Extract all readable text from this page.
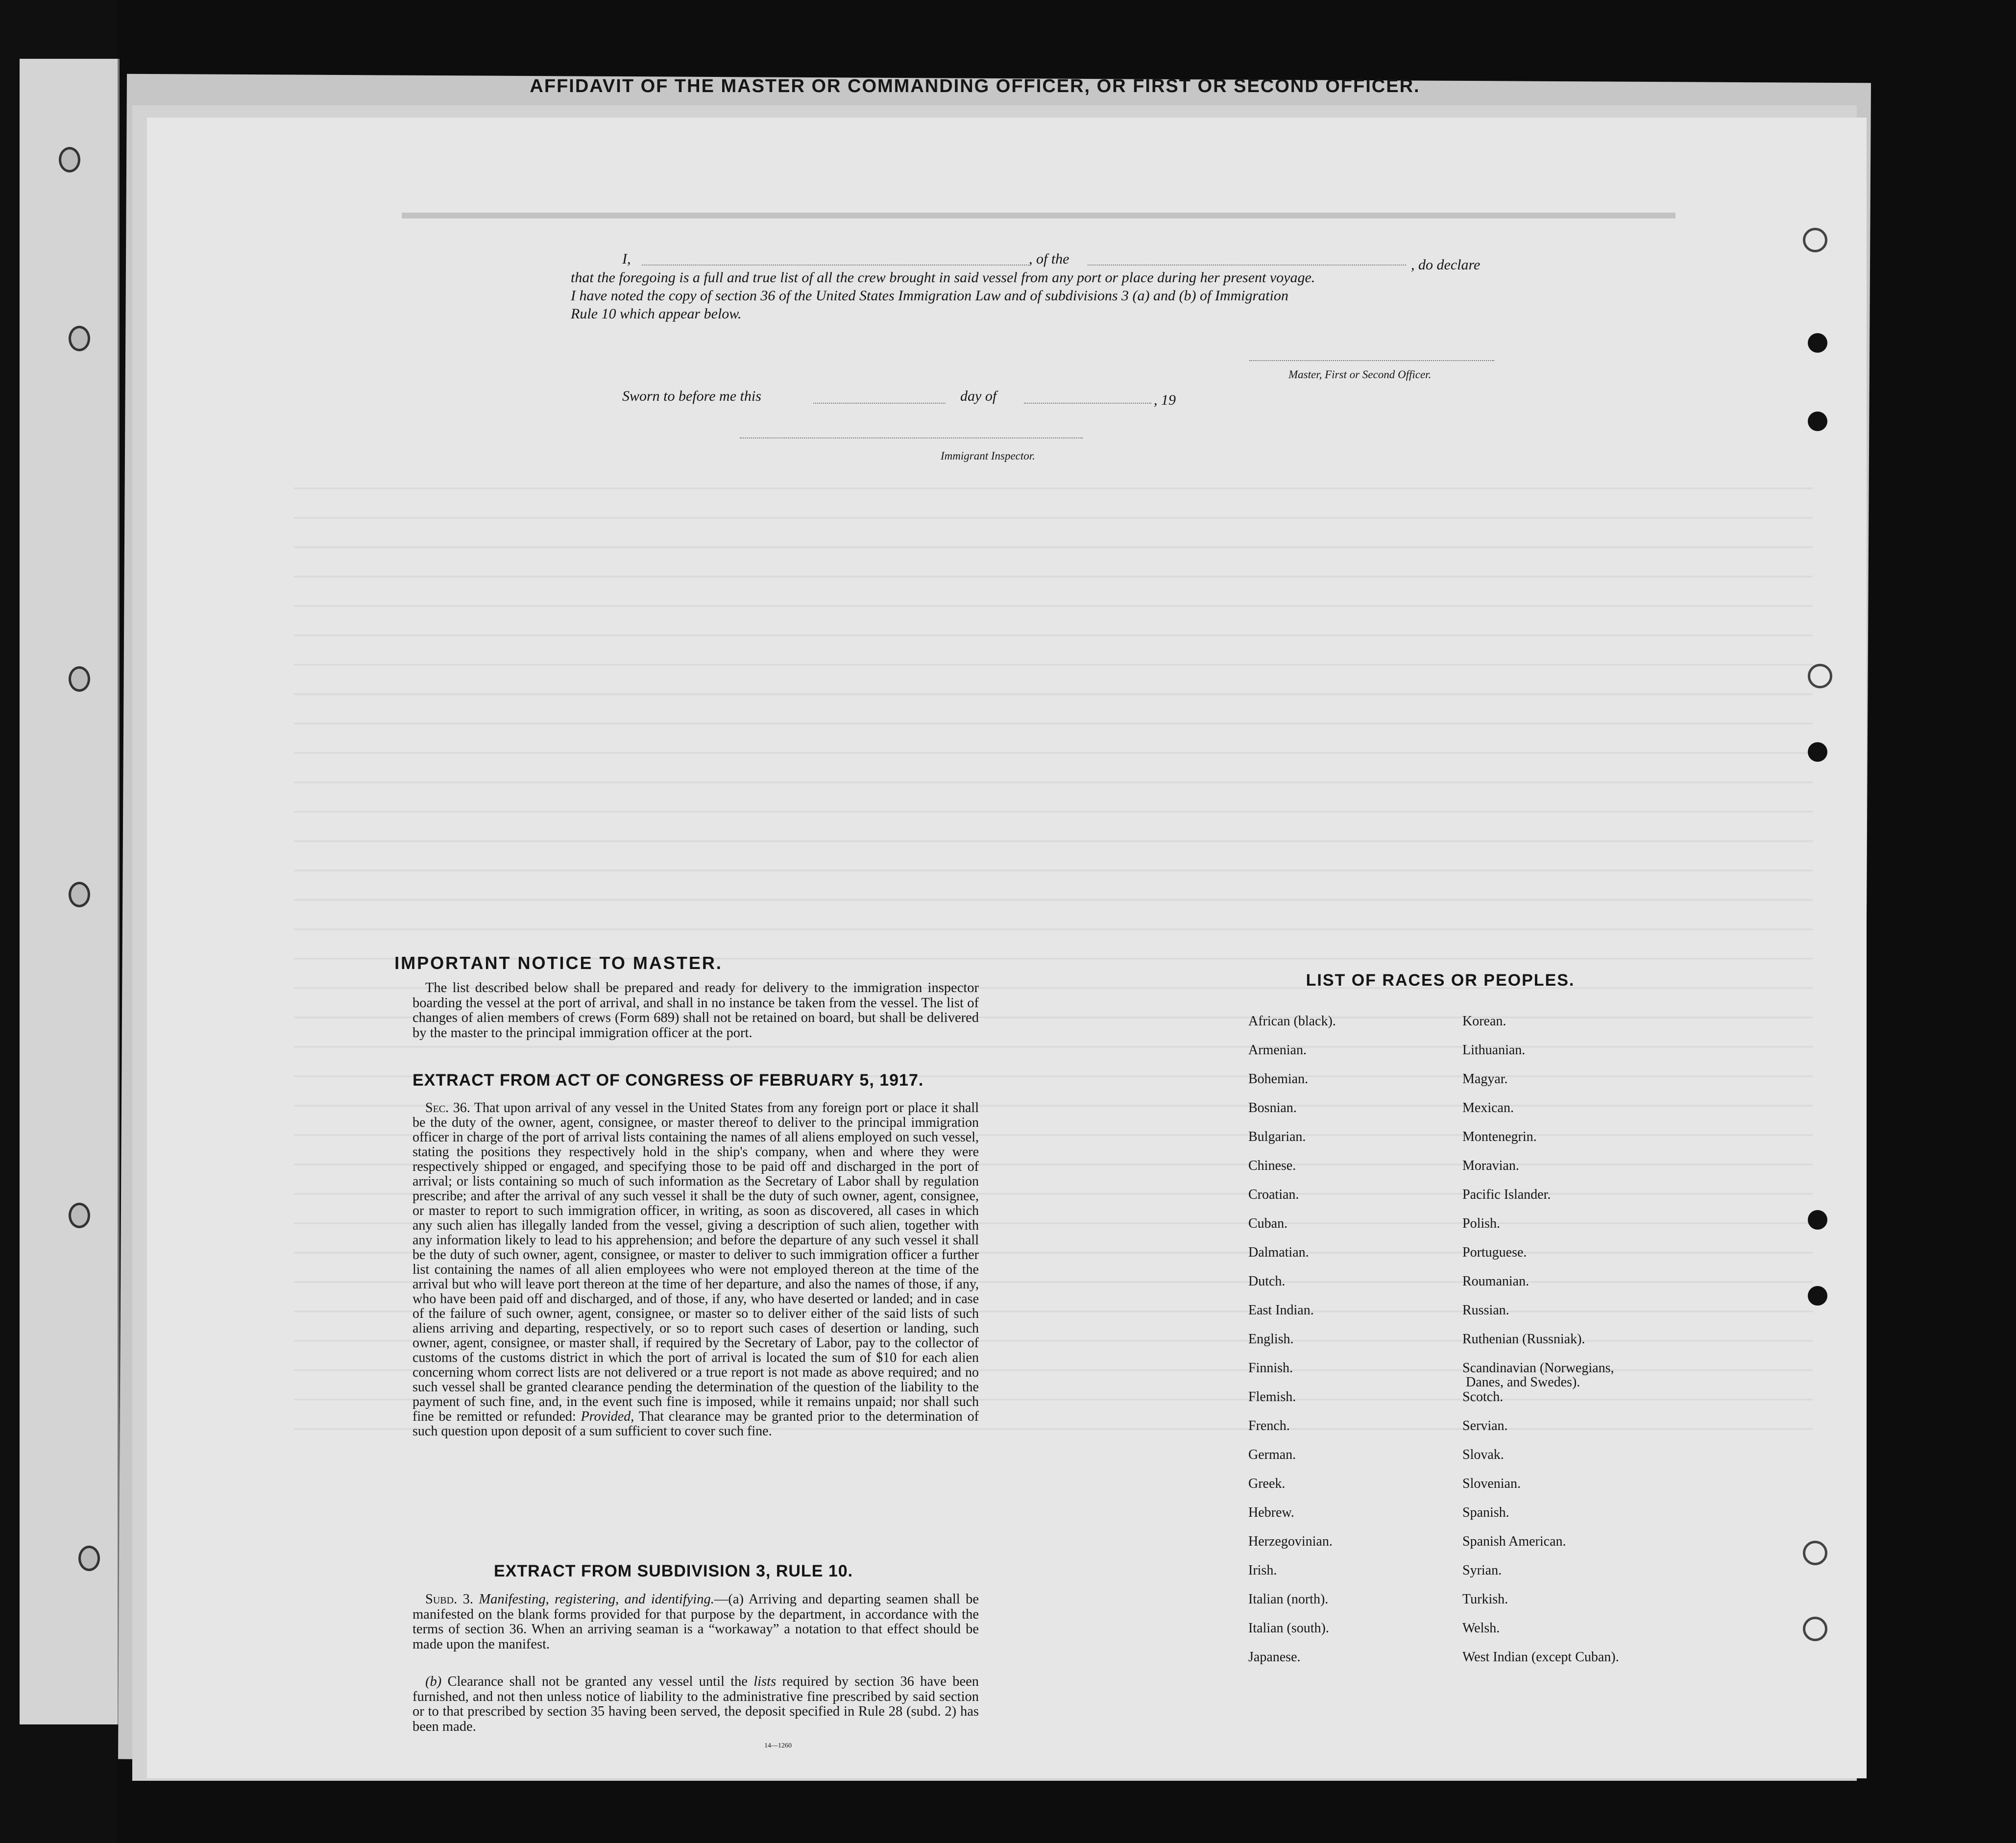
AFFIDAVIT OF THE MASTER OR COMMANDING OFFICER, OR FIRST OR SECOND OFFICER.
I,	, of the	, do declare
that the foregoing is a full and true list of all the crew brought in said vessel from any port or place during her present voyage.
I have noted the copy of section 36 of the United States Immigration Law and of subdivisions 3 (a) and (b) of Immigration
Rule 10 which appear below.
Master, First or Second Officer.
Sworn to before me this	day of	, 19
Immigrant Inspector.
IMPORTANT NOTICE TO MASTER.
The list described below shall be prepared and ready for delivery to the immigration inspector boarding the vessel at the port of arrival, and shall in no instance be taken from the vessel. The list of changes of alien members of crews (Form 689) shall not be retained on board, but shall be delivered by the master to the principal immigration officer at the port.
EXTRACT FROM ACT OF CONGRESS OF FEBRUARY 5, 1917.
Sec. 36. That upon arrival of any vessel in the United States from any foreign port or place it shall be the duty of the owner, agent, consignee, or master thereof to deliver to the principal immigration officer in charge of the port of arrival lists containing the names of all aliens employed on such vessel, stating the positions they respectively hold in the ship's company, when and where they were respectively shipped or engaged, and specifying those to be paid off and discharged in the port of arrival; or lists containing so much of such information as the Secretary of Labor shall by regulation prescribe; and after the arrival of any such vessel it shall be the duty of such owner, agent, consignee, or master to report to such immigration officer, in writing, as soon as discovered, all cases in which any such alien has illegally landed from the vessel, giving a description of such alien, together with any information likely to lead to his apprehension; and before the departure of any such vessel it shall be the duty of such owner, agent, consignee, or master to deliver to such immigration officer a further list containing the names of all alien employees who were not employed thereon at the time of the arrival but who will leave port thereon at the time of her departure, and also the names of those, if any, who have been paid off and discharged, and of those, if any, who have deserted or landed; and in case of the failure of such owner, agent, consignee, or master so to deliver either of the said lists of such aliens arriving and departing, respectively, or so to report such cases of desertion or landing, such owner, agent, consignee, or master shall, if required by the Secretary of Labor, pay to the collector of customs of the customs district in which the port of arrival is located the sum of $10 for each alien concerning whom correct lists are not delivered or a true report is not made as above required; and no such vessel shall be granted clearance pending the determination of the question of the liability to the payment of such fine, and, in the event such fine is imposed, while it remains unpaid; nor shall such fine be remitted or refunded: Provided, That clearance may be granted prior to the determination of such question upon deposit of a sum sufficient to cover such fine.
EXTRACT FROM SUBDIVISION 3, RULE 10.
Subd. 3. Manifesting, registering, and identifying.—(a) Arriving and departing seamen shall be manifested on the blank forms provided for that purpose by the department, in accordance with the terms of section 36. When an arriving seaman is a “workaway” a notation to that effect should be made upon the manifest.
(b) Clearance shall not be granted any vessel until the lists required by section 36 have been furnished, and not then unless notice of liability to the administrative fine prescribed by said section or to that prescribed by section 35 having been served, the deposit specified in Rule 28 (subd. 2) has been made.
14—1260
LIST OF RACES OR PEOPLES.
African (black).
Armenian.
Bohemian.
Bosnian.
Bulgarian.
Chinese.
Croatian.
Cuban.
Dalmatian.
Dutch.
East Indian.
English.
Finnish.
Flemish.
French.
German.
Greek.
Hebrew.
Herzegovinian.
Irish.
Italian (north).
Italian (south).
Japanese.
Korean.
Lithuanian.
Magyar.
Mexican.
Montenegrin.
Moravian.
Pacific Islander.
Polish.
Portuguese.
Roumanian.
Russian.
Ruthenian (Russniak).
Scandinavian (Norwegians,
Danes, and Swedes).
Scotch.
Servian.
Slovak.
Slovenian.
Spanish.
Spanish American.
Syrian.
Turkish.
Welsh.
West Indian (except Cuban).
